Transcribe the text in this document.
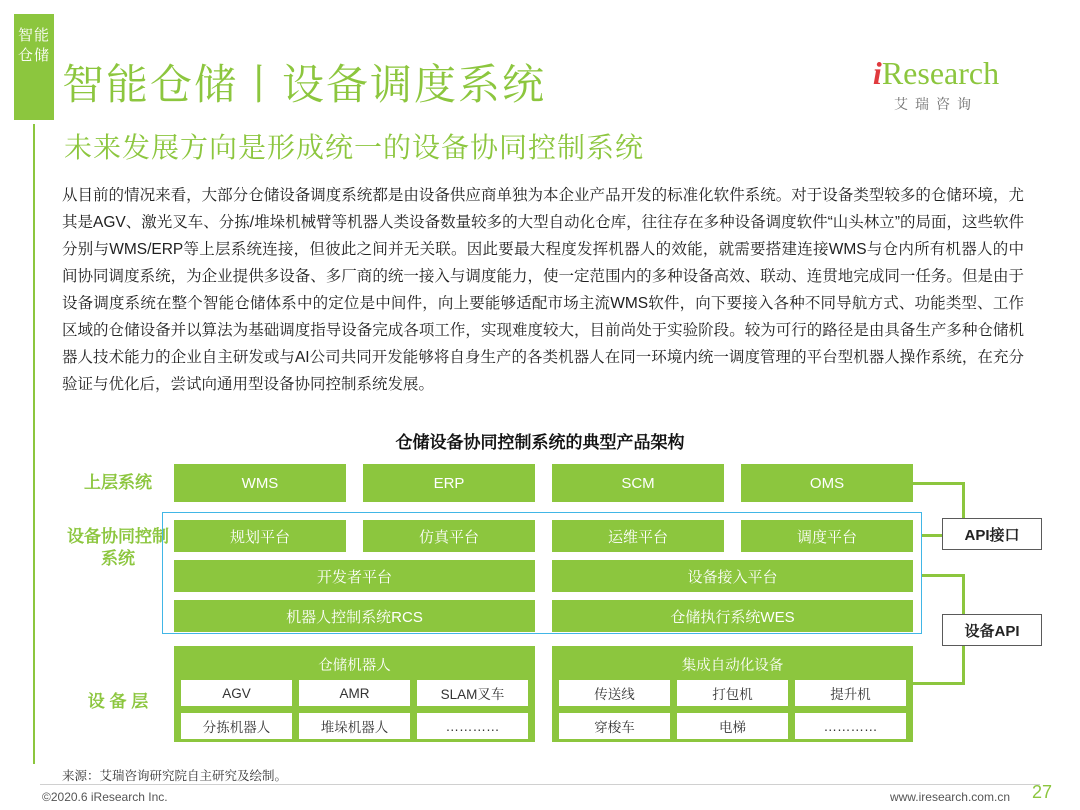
智能仓储
智能仓储丨设备调度系统
未来发展方向是形成统一的设备协同控制系统
iResearch
艾瑞咨询
从目前的情况来看，大部分仓储设备调度系统都是由设备供应商单独为本企业产品开发的标准化软件系统。对于设备类型较多的仓储环境，尤其是AGV、激光叉车、分拣/堆垛机械臂等机器人类设备数量较多的大型自动化仓库，往往存在多种设备调度软件“山头林立”的局面，这些软件分别与WMS/ERP等上层系统连接，但彼此之间并无关联。因此要最大程度发挥机器人的效能，就需要搭建连接WMS与仓内所有机器人的中间协同调度系统，为企业提供多设备、多厂商的统一接入与调度能力，使一定范围内的多种设备高效、联动、连贯地完成同一任务。但是由于设备调度系统在整个智能仓储体系中的定位是中间件，向上要能够适配市场主流WMS软件，向下要接入各种不同导航方式、功能类型、工作区域的仓储设备并以算法为基础调度指导设备完成各项工作，实现难度较大，目前尚处于实验阶段。较为可行的路径是由具备生产多种仓储机器人技术能力的企业自主研发或与AI公司共同开发能够将自身生产的各类机器人在同一环境内统一调度管理的平台型机器人操作系统，在充分验证与优化后，尝试向通用型设备协同控制系统发展。
仓储设备协同控制系统的典型产品架构
上层系统
设备协同控制系统
设 备 层
WMS	ERP	SCM	OMS
规划平台	仿真平台	运维平台	调度平台
开发者平台	设备接入平台
机器人控制系统RCS	仓储执行系统WES
API接口
设备API
仓储机器人
AGV	AMR	SLAM叉车
分拣机器人	堆垛机器人	…………
集成自动化设备
传送线	打包机	提升机
穿梭车	电梯	…………
来源：艾瑞咨询研究院自主研究及绘制。
©2020.6 iResearch Inc.	www.iresearch.com.cn 27
